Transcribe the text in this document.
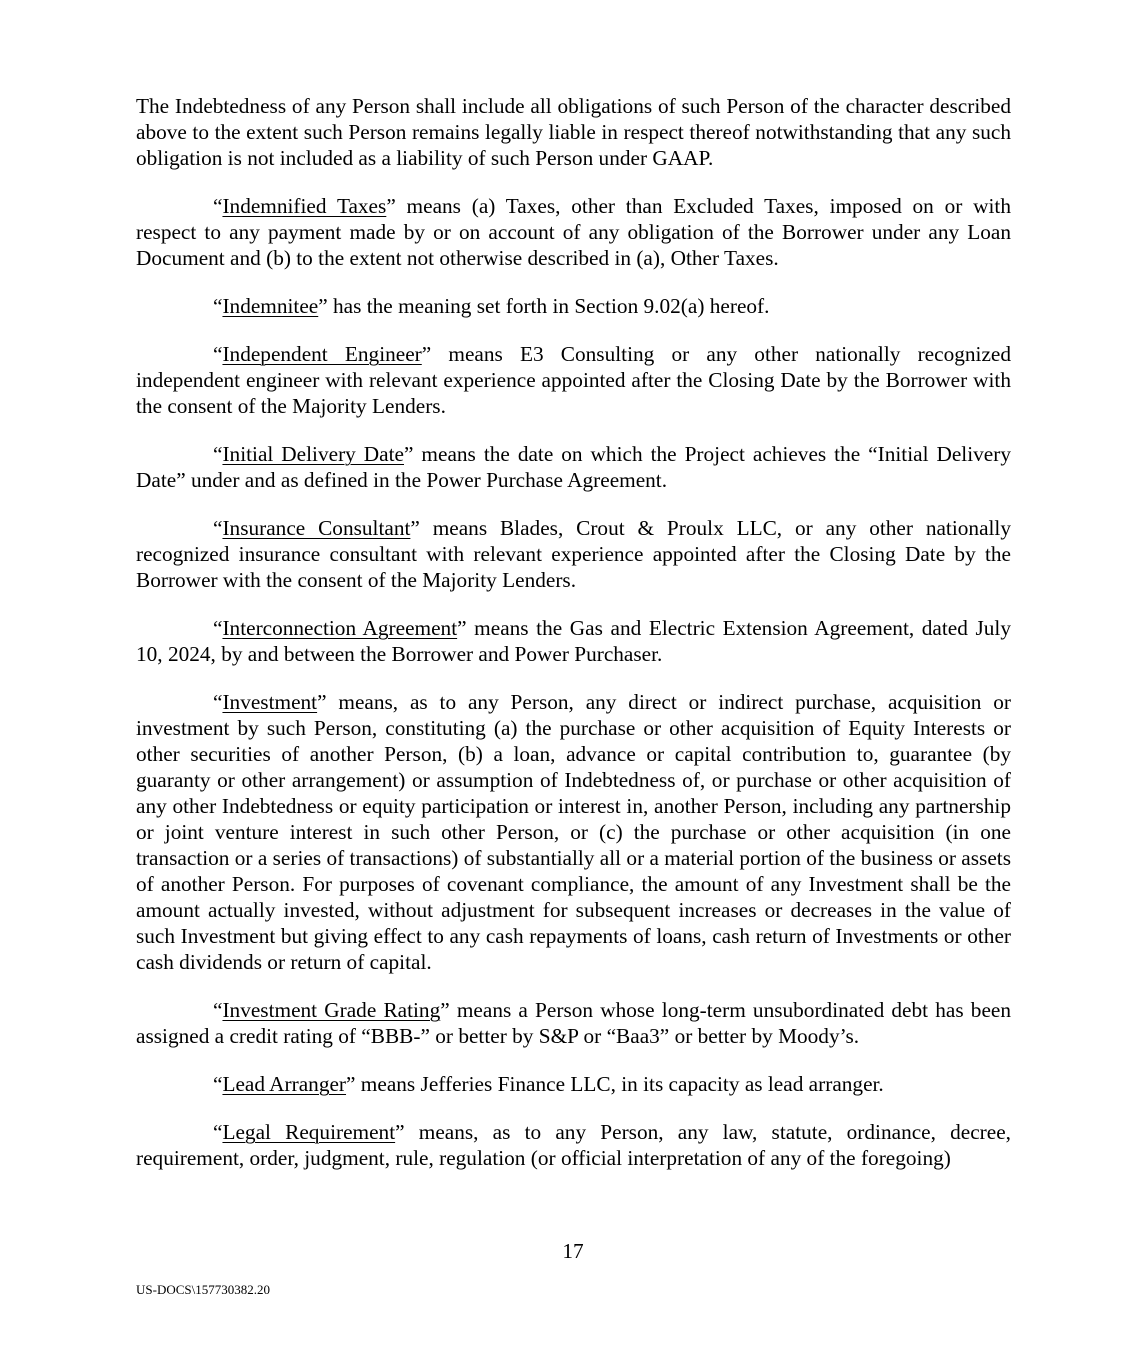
The Indebtedness of any Person shall include all obligations of such Person of the character described above to the extent such Person remains legally liable in respect thereof notwithstanding that any such obligation is not included as a liability of such Person under GAAP.

“Indemnified Taxes” means (a) Taxes, other than Excluded Taxes, imposed on or with respect to any payment made by or on account of any obligation of the Borrower under any Loan Document and (b) to the extent not otherwise described in (a), Other Taxes.

“Indemnitee” has the meaning set forth in Section 9.02(a) hereof.

“Independent Engineer” means E3 Consulting or any other nationally recognized independent engineer with relevant experience appointed after the Closing Date by the Borrower with the consent of the Majority Lenders.

“Initial Delivery Date” means the date on which the Project achieves the “Initial Delivery Date” under and as defined in the Power Purchase Agreement.

“Insurance Consultant” means Blades, Crout & Proulx LLC, or any other nationally recognized insurance consultant with relevant experience appointed after the Closing Date by the Borrower with the consent of the Majority Lenders.

“Interconnection Agreement” means the Gas and Electric Extension Agreement, dated July 10, 2024, by and between the Borrower and Power Purchaser.

“Investment” means, as to any Person, any direct or indirect purchase, acquisition or investment by such Person, constituting (a) the purchase or other acquisition of Equity Interests or other securities of another Person, (b) a loan, advance or capital contribution to, guarantee (by guaranty or other arrangement) or assumption of Indebtedness of, or purchase or other acquisition of any other Indebtedness or equity participation or interest in, another Person, including any partnership or joint venture interest in such other Person, or (c) the purchase or other acquisition (in one transaction or a series of transactions) of substantially all or a material portion of the business or assets of another Person. For purposes of covenant compliance, the amount of any Investment shall be the amount actually invested, without adjustment for subsequent increases or decreases in the value of such Investment but giving effect to any cash repayments of loans, cash return of Investments or other cash dividends or return of capital.

“Investment Grade Rating” means a Person whose long-term unsubordinated debt has been assigned a credit rating of “BBB-” or better by S&P or “Baa3” or better by Moody’s.

“Lead Arranger” means Jefferies Finance LLC, in its capacity as lead arranger.

“Legal Requirement” means, as to any Person, any law, statute, ordinance, decree, requirement, order, judgment, rule, regulation (or official interpretation of any of the foregoing)

17
US-DOCS\157730382.20
